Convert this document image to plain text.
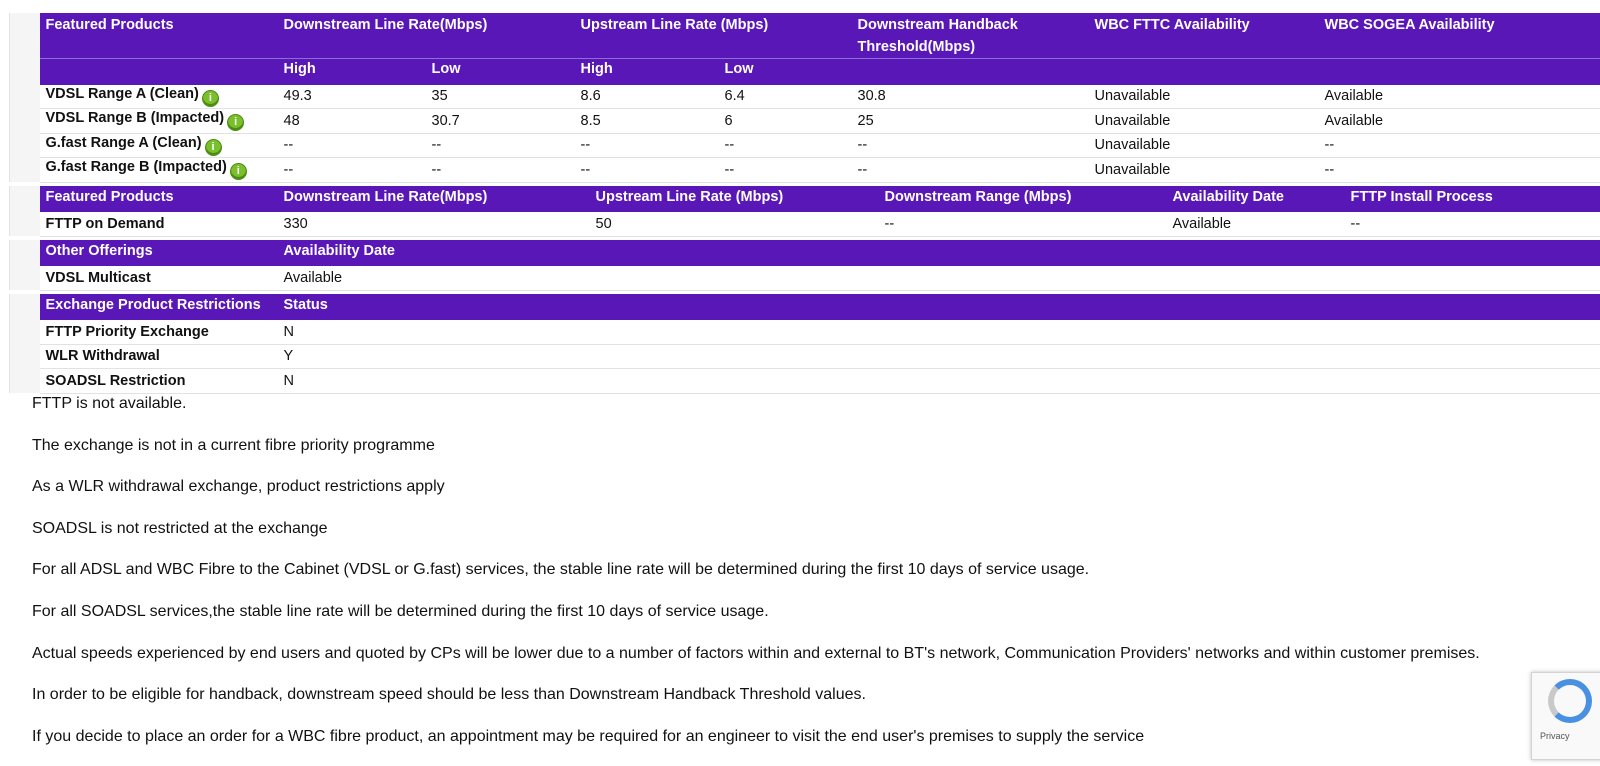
	Featured Products	Downstream Line Rate(Mbps)		Upstream Line Rate (Mbps)		Downstream Handback Threshold(Mbps)	WBC FTTC Availability	WBC SOGEA Availability
		High	Low	High	Low			
	VDSL Range A (Clean) i	49.3	35	8.6	6.4	30.8	Unavailable	Available
	VDSL Range B (Impacted) i	48	30.7	8.5	6	25	Unavailable	Available
	G.fast Range A (Clean) i	--	--	--	--	--	Unavailable	--
	G.fast Range B (Impacted) i	--	--	--	--	--	Unavailable	--
	Featured Products	Downstream Line Rate(Mbps)	Upstream Line Rate (Mbps)	Downstream Range (Mbps)	Availability Date	FTTP Install Process
	FTTP on Demand	330	50	--	Available	--
	Other Offerings	Availability Date
	VDSL Multicast	Available
	Exchange Product Restrictions	Status
	FTTP Priority Exchange	N
	WLR Withdrawal	Y
	SOADSL Restriction	N

FTTP is not available.

The exchange is not in a current fibre priority programme

As a WLR withdrawal exchange, product restrictions apply

SOADSL is not restricted at the exchange

For all ADSL and WBC Fibre to the Cabinet (VDSL or G.fast) services, the stable line rate will be determined during the first 10 days of service usage.

For all SOADSL services,the stable line rate will be determined during the first 10 days of service usage.

Actual speeds experienced by end users and quoted by CPs will be lower due to a number of factors within and external to BT's network, Communication Providers' networks and within customer premises.

In order to be eligible for handback, downstream speed should be less than Downstream Handback Threshold values.

If you decide to place an order for a WBC fibre product, an appointment may be required for an engineer to visit the end user's premises to supply the service	Privacy
